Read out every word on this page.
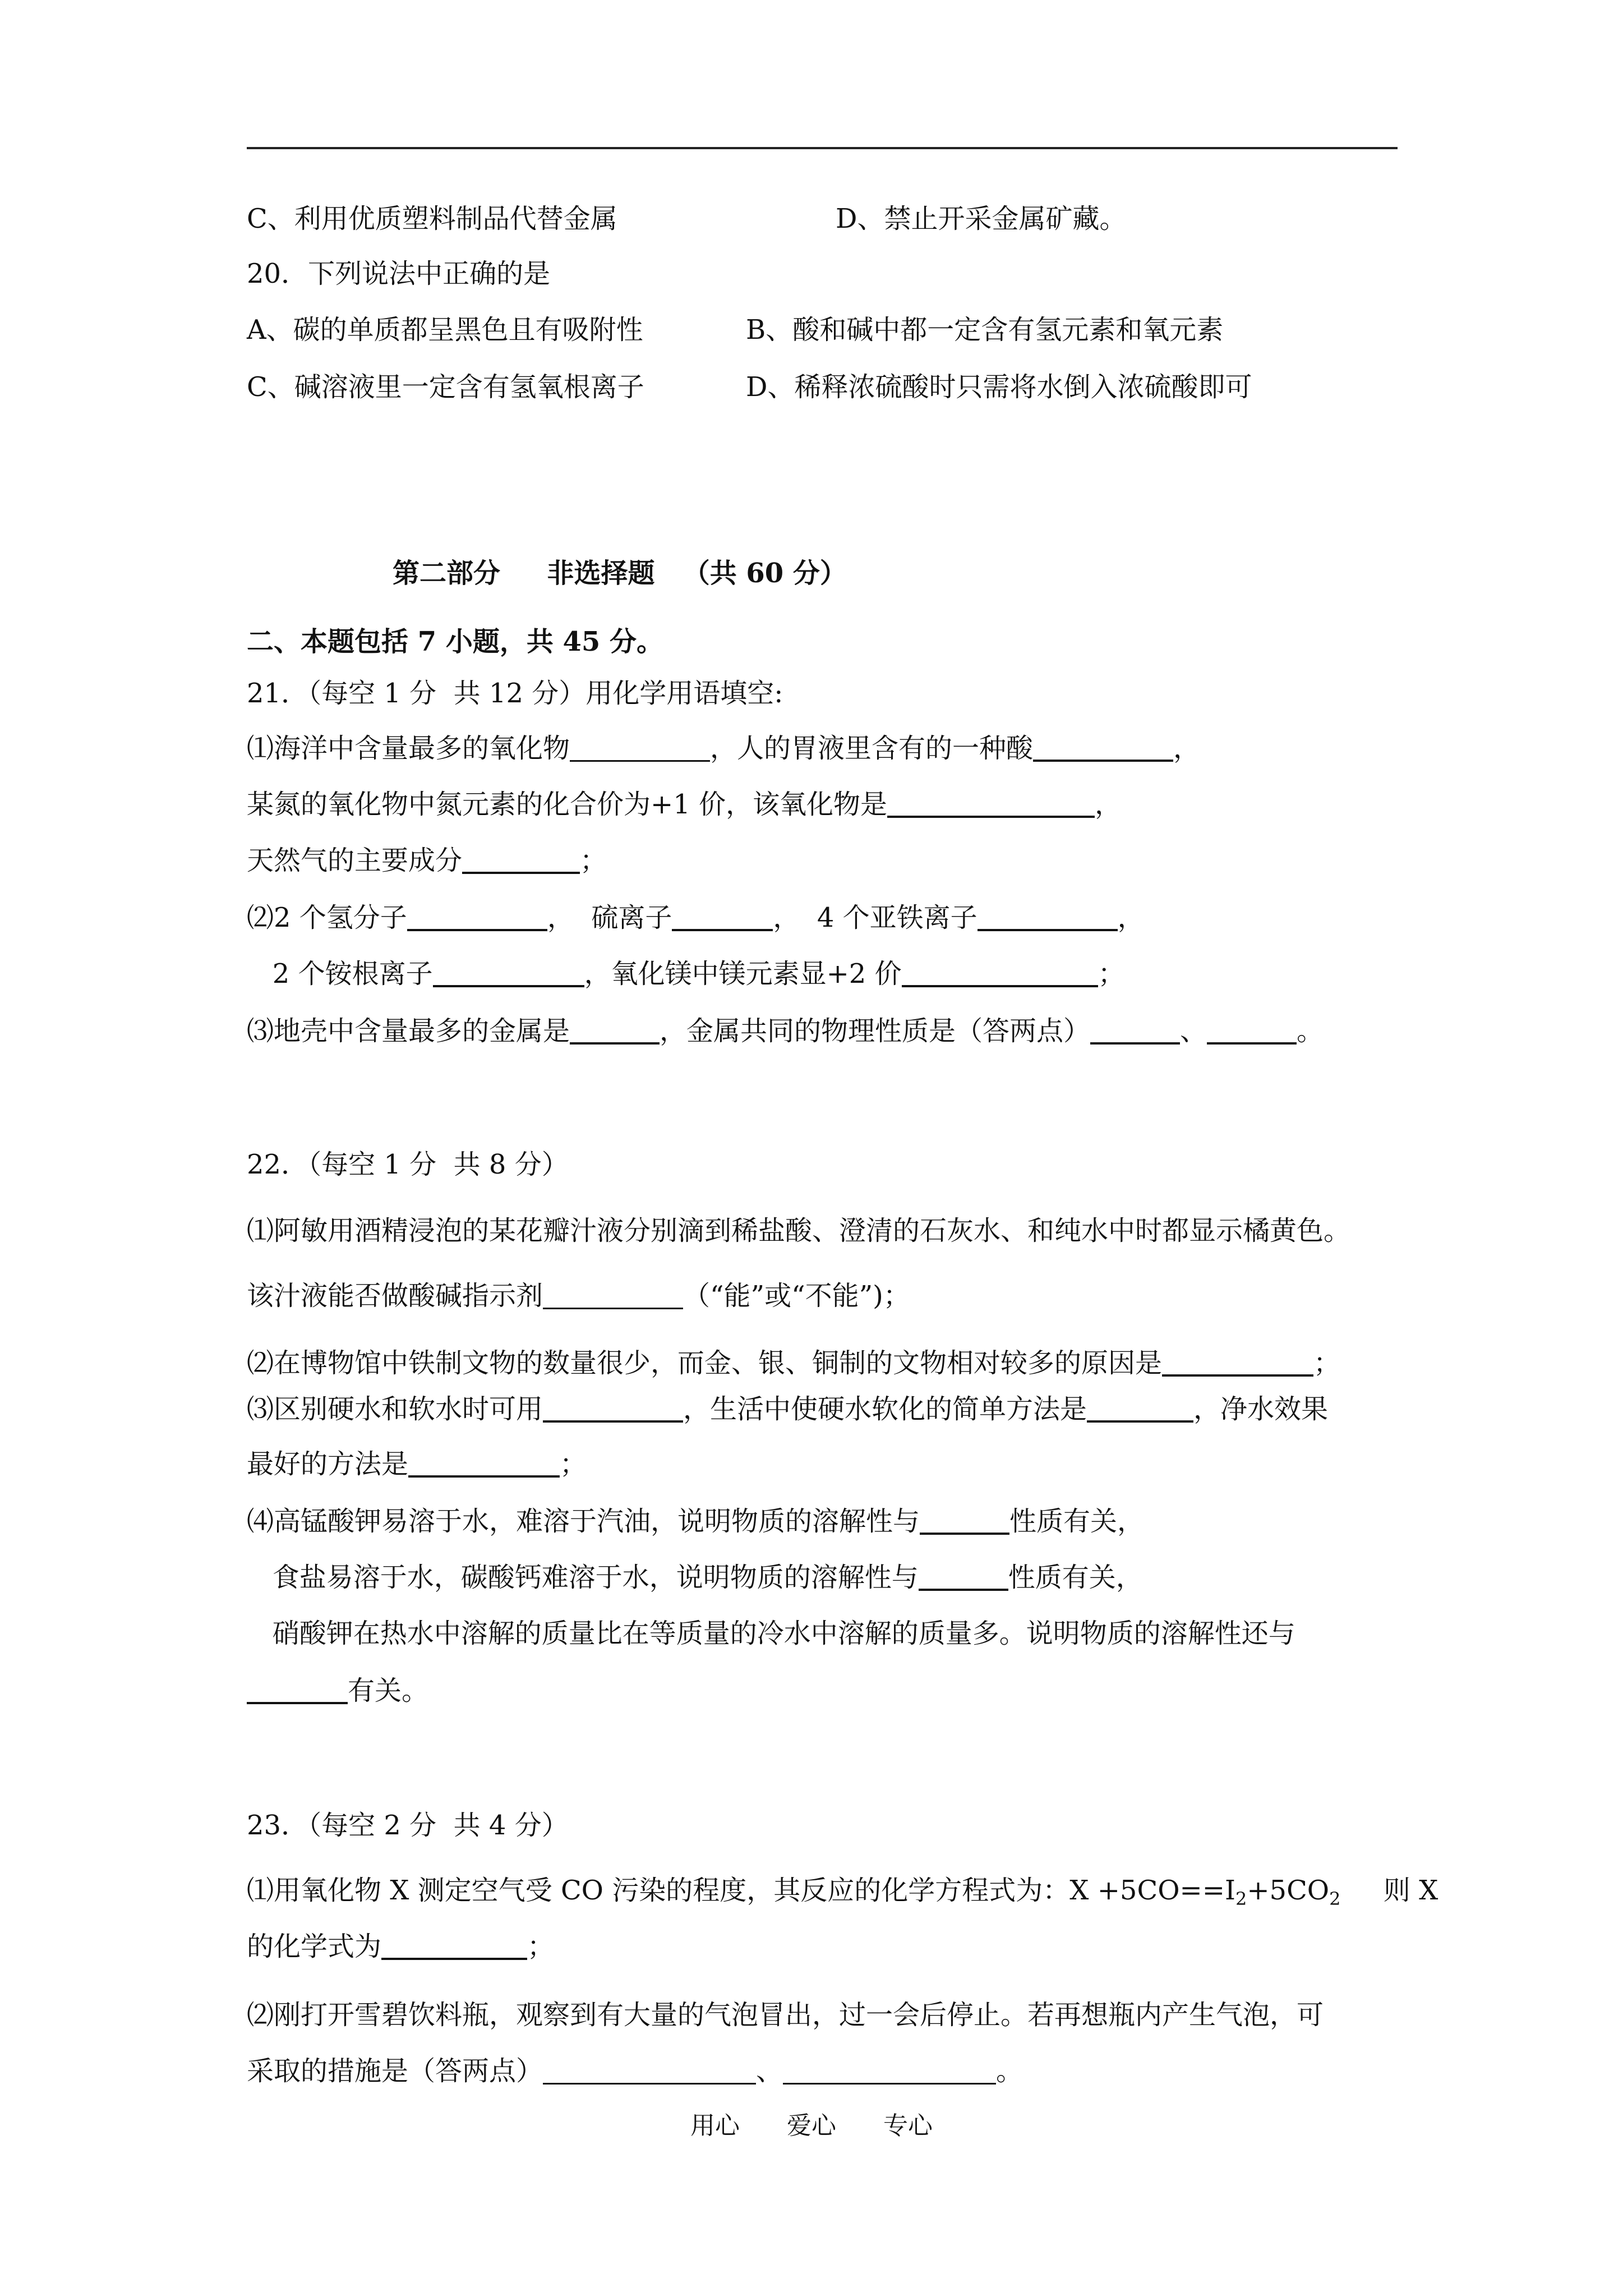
C、利用优质塑料制品代替金属	D、禁止开采金属矿藏。
20．下列说法中正确的是
A、碳的单质都呈黑色且有吸附性	B、酸和碱中都一定含有氢元素和氧元素
C、碱溶液里一定含有氢氧根离子	D、稀释浓硫酸时只需将水倒入浓硫酸即可
第二部分     非选择题   （共 60 分）
二、本题包括 7 小题，共 45 分。
21．（每空 1 分  共 12 分）用化学用语填空:
⑴海洋中含量最多的氧化物	，人的胃液里含有的一种酸	，
某氮的氧化物中氮元素的化合价为+1 价，该氧化物是	，
天然气的主要成分	；
⑵2 个氢分子	，  硫离子	，  4 个亚铁离子	，
2 个铵根离子	，氧化镁中镁元素显+2 价	；
⑶地壳中含量最多的金属是	，金属共同的物理性质是（答两点）	、	。
22．（每空 1 分  共 8 分）
⑴阿敏用酒精浸泡的某花瓣汁液分别滴到稀盐酸、澄清的石灰水、和纯水中时都显示橘黄色。
该汁液能否做酸碱指示剂	（“能”或“不能”)；
⑵在博物馆中铁制文物的数量很少，而金、银、铜制的文物相对较多的原因是	；
⑶区别硬水和软水时可用	，生活中使硬水软化的简单方法是	，净水效果
最好的方法是	；
⑷高锰酸钾易溶于水，难溶于汽油，说明物质的溶解性与	性质有关，
食盐易溶于水，碳酸钙难溶于水，说明物质的溶解性与	性质有关，
硝酸钾在热水中溶解的质量比在等质量的冷水中溶解的质量多。说明物质的溶解性还与
有关。
23．（每空 2 分  共 4 分）
⑴用氧化物 X 测定空气受 CO 污染的程度，其反应的化学方程式为：$X +5CO==I_2+5CO_2$     则 X
的化学式为	；
⑵刚打开雪碧饮料瓶，观察到有大量的气泡冒出，过一会后停止。若再想瓶内产生气泡，可
采取的措施是（答两点）	、	。
用心 爱心 专心
